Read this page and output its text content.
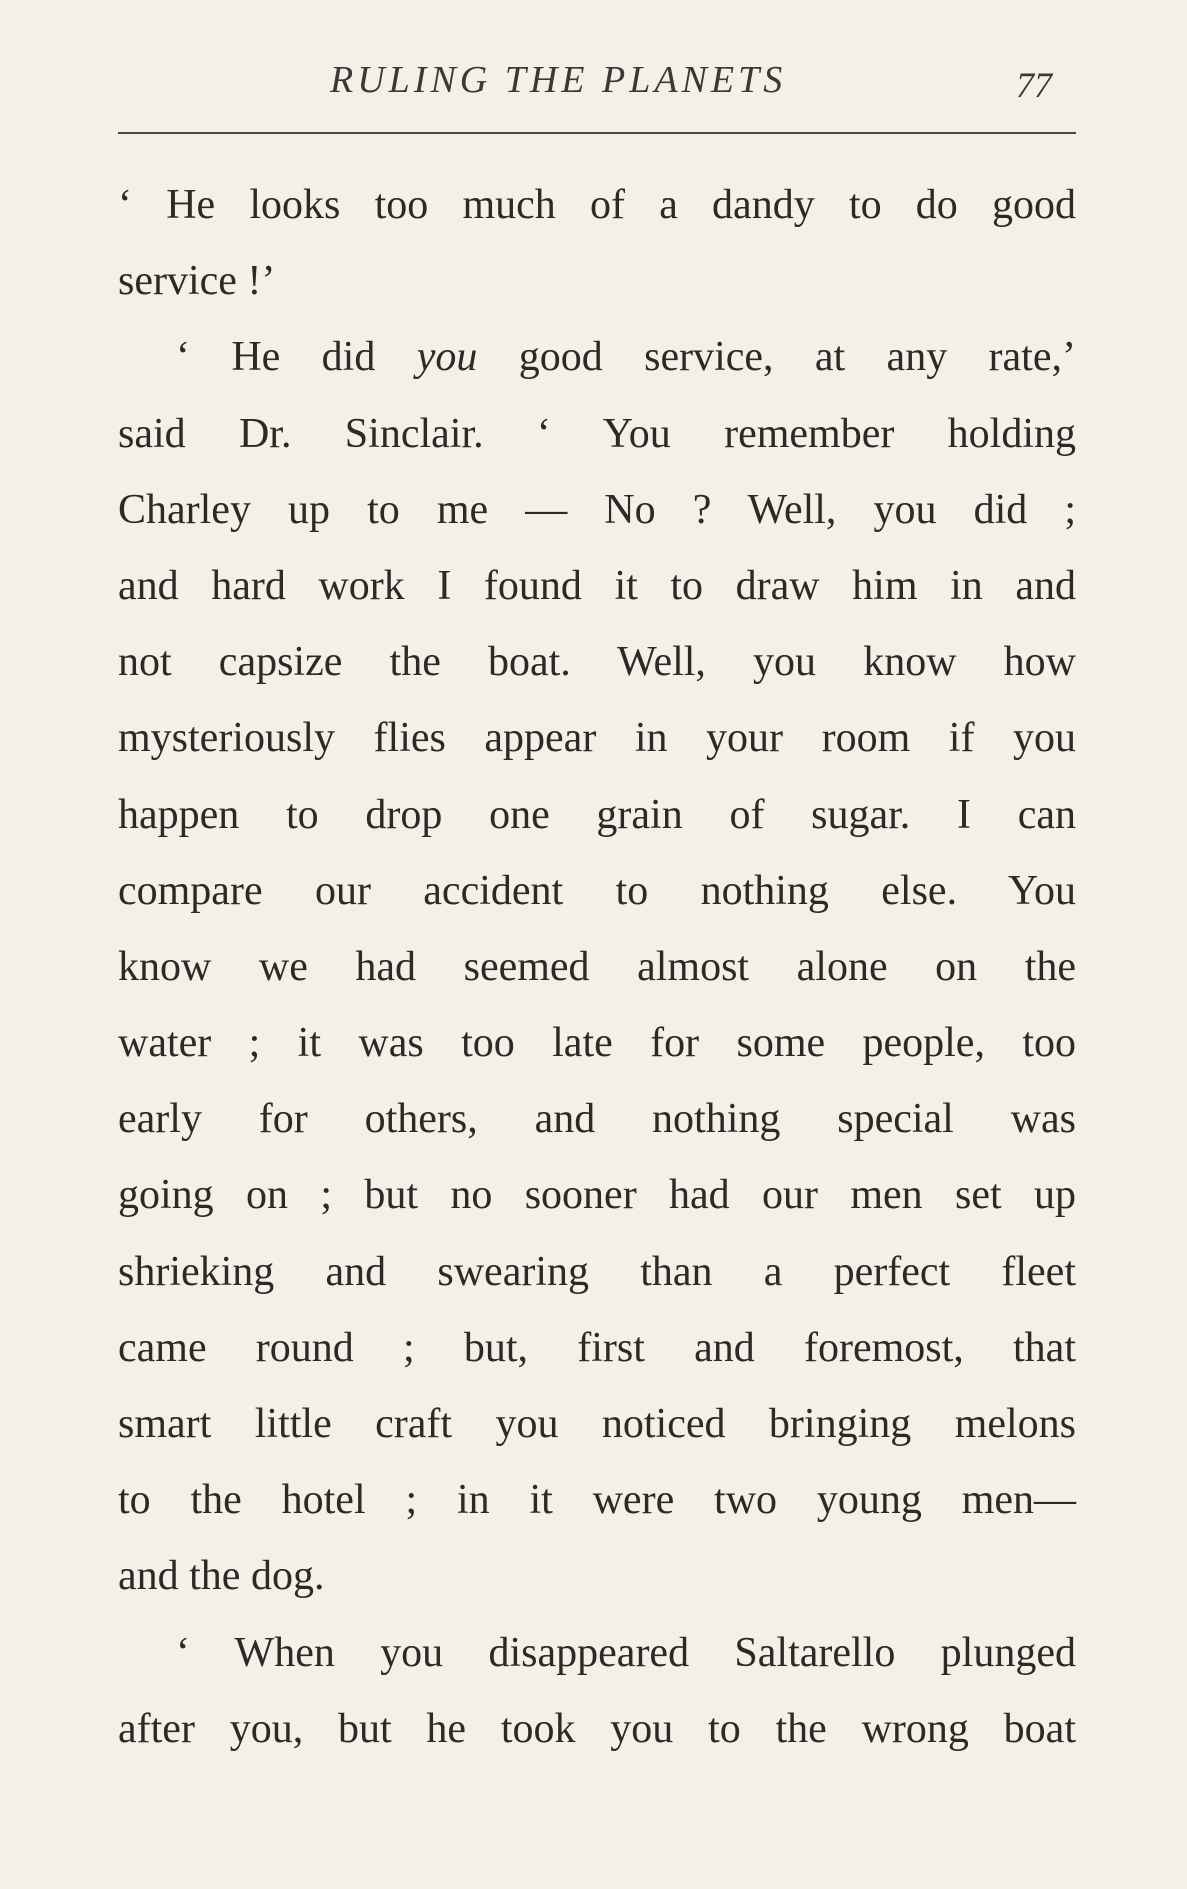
RULING THE PLANETS	77
‘ He looks too much of a dandy to do good
service !’
‘ He did you good service, at any rate,’
said Dr. Sinclair. ‘ You remember holding
Charley up to me — No ? Well, you did ;
and hard work I found it to draw him in and
not capsize the boat. Well, you know how
mysteriously flies appear in your room if you
happen to drop one grain of sugar. I can
compare our accident to nothing else. You
know we had seemed almost alone on the
water ; it was too late for some people, too
early for others, and nothing special was
going on ; but no sooner had our men set up
shrieking and swearing than a perfect fleet
came round ; but, first and foremost, that
smart little craft you noticed bringing melons
to the hotel ; in it were two young men—
and the dog.
‘ When you disappeared Saltarello plunged
after you, but he took you to the wrong boat
